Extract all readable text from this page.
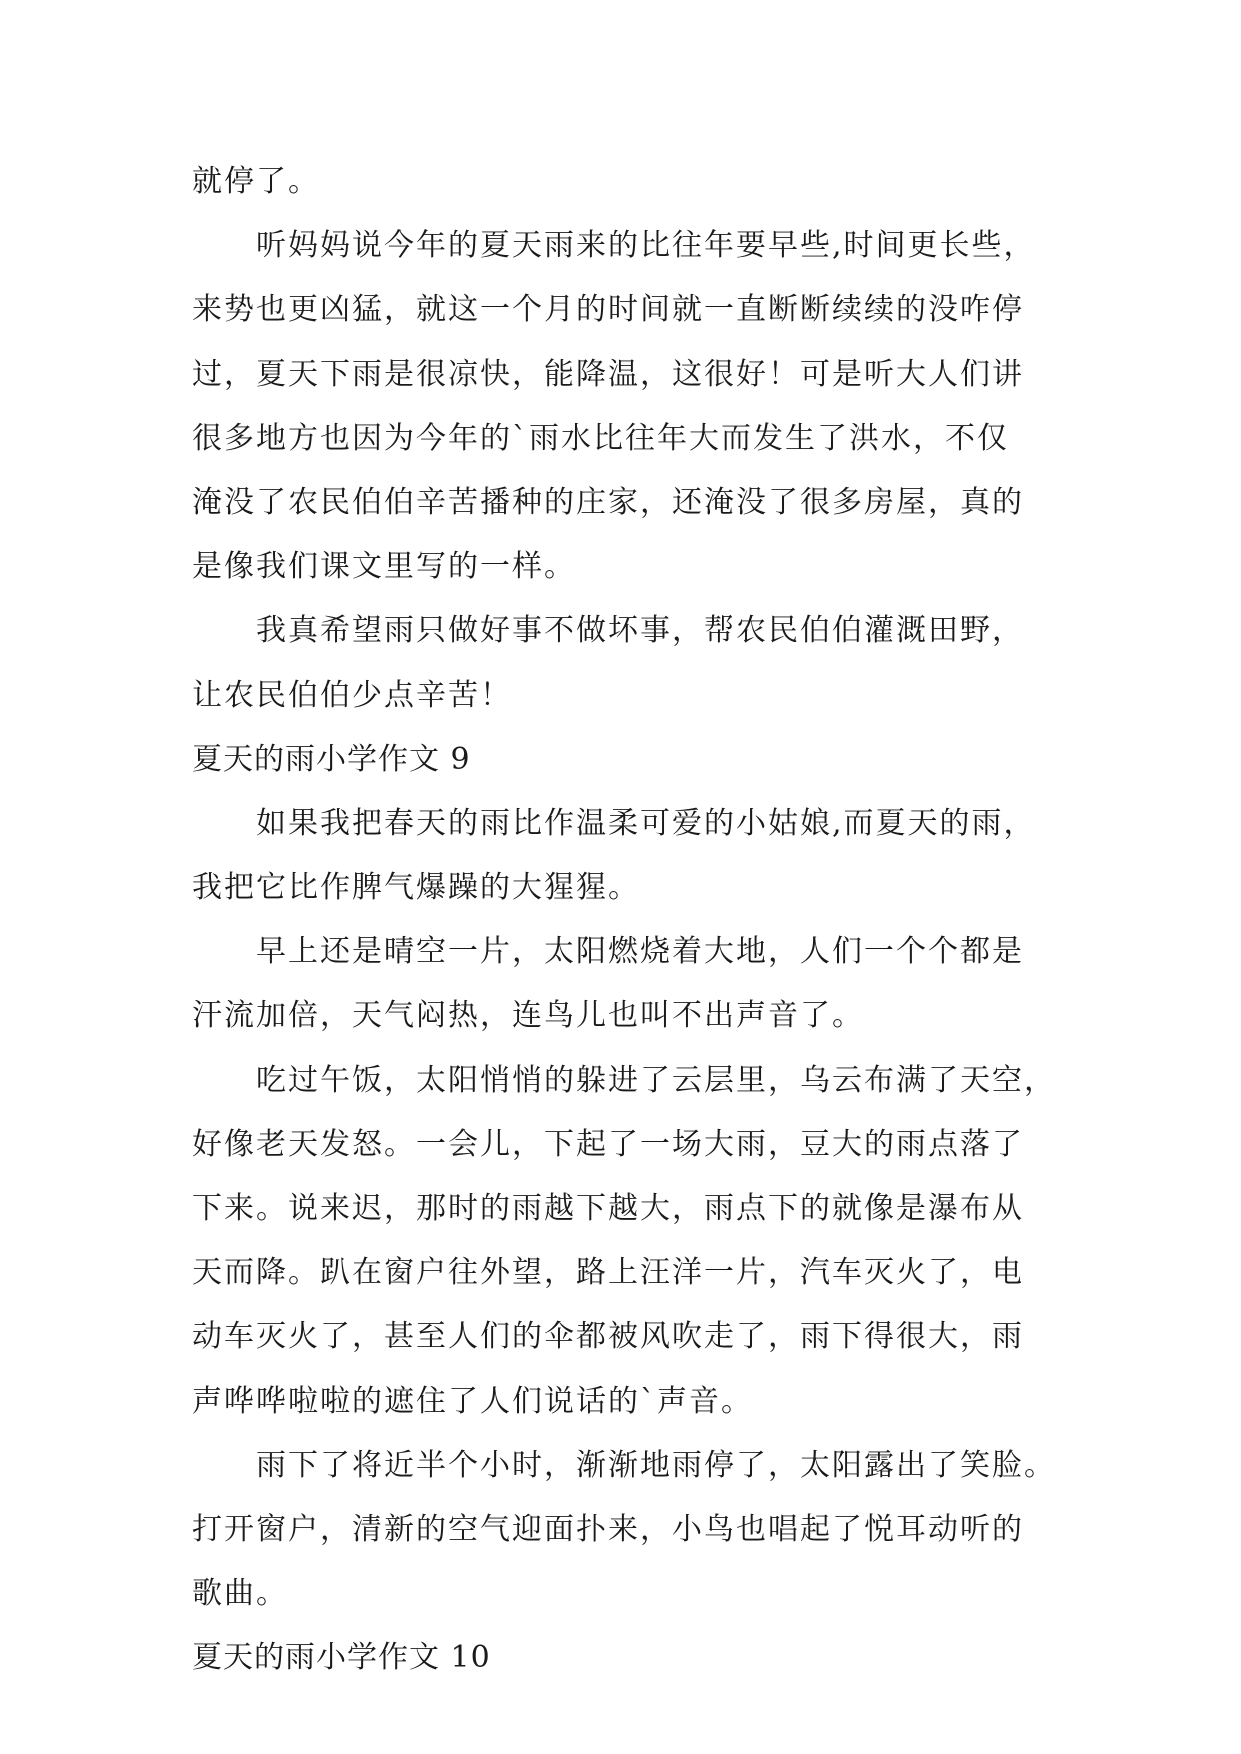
就停了。

听妈妈说今年的夏天雨来的比往年要早些,时间更长些，

来势也更凶猛，就这一个月的时间就一直断断续续的没咋停

过，夏天下雨是很凉快，能降温，这很好！可是听大人们讲

很多地方也因为今年的`雨水比往年大而发生了洪水，不仅

淹没了农民伯伯辛苦播种的庄家，还淹没了很多房屋，真的

是像我们课文里写的一样。

我真希望雨只做好事不做坏事，帮农民伯伯灌溉田野，

让农民伯伯少点辛苦！

夏天的雨小学作文 9

如果我把春天的雨比作温柔可爱的小姑娘,而夏天的雨，

我把它比作脾气爆躁的大猩猩。

早上还是晴空一片，太阳燃烧着大地，人们一个个都是

汗流加倍，天气闷热，连鸟儿也叫不出声音了。

吃过午饭，太阳悄悄的躲进了云层里，乌云布满了天空，

好像老天发怒。一会儿，下起了一场大雨，豆大的雨点落了

下来。说来迟，那时的雨越下越大，雨点下的就像是瀑布从

天而降。趴在窗户往外望，路上汪洋一片，汽车灭火了，电

动车灭火了，甚至人们的伞都被风吹走了，雨下得很大，雨

声哗哗啦啦的遮住了人们说话的`声音。

雨下了将近半个小时，渐渐地雨停了，太阳露出了笑脸。

打开窗户，清新的空气迎面扑来，小鸟也唱起了悦耳动听的

歌曲。

夏天的雨小学作文 10
